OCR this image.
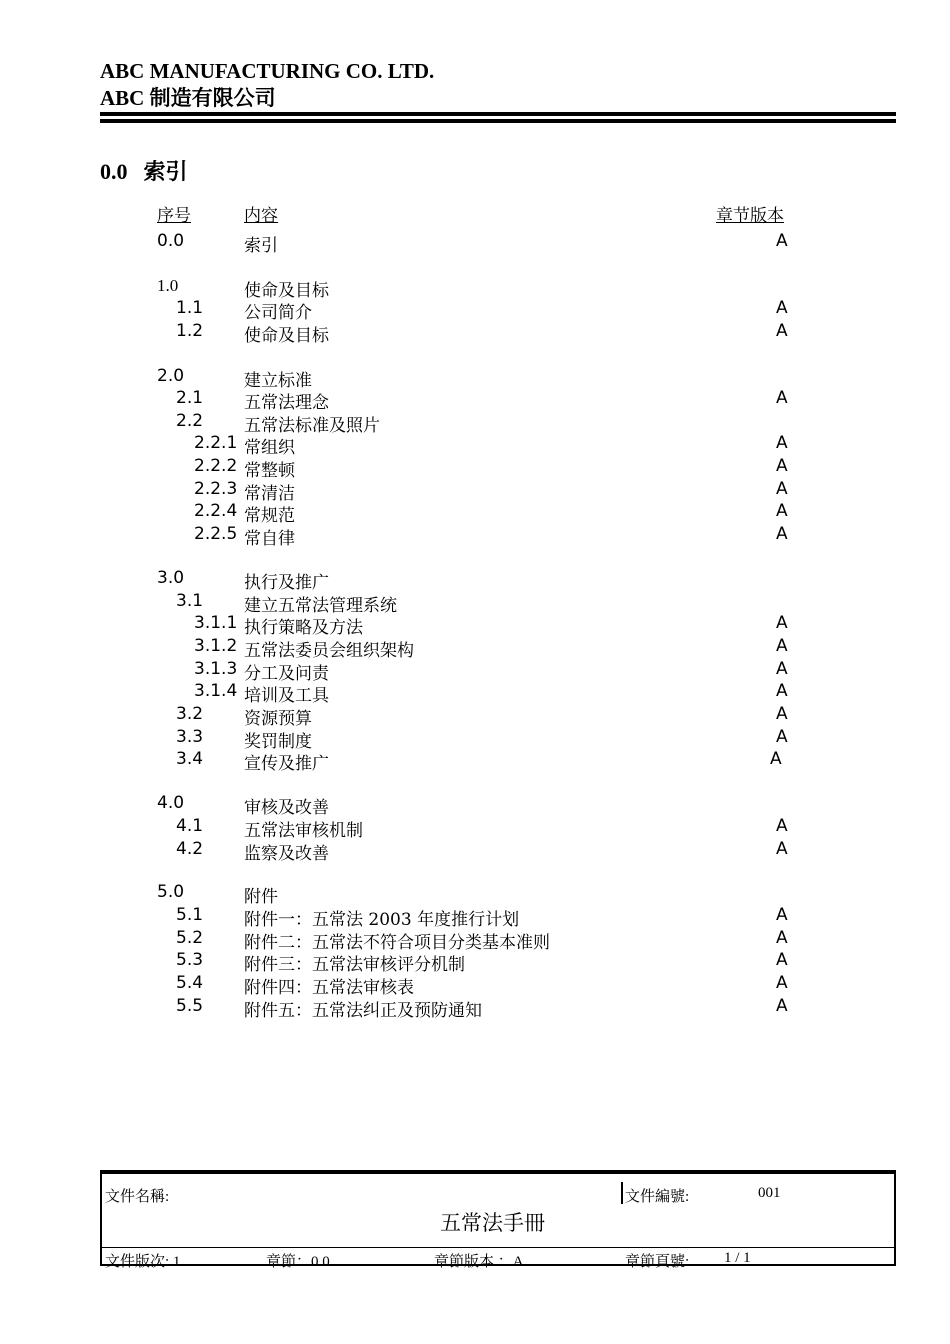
ABC MANUFACTURING CO. LTD.
ABC 制造有限公司
0.0 索引
序号	内容	章节版本
0.0	索引	A
1.0	使命及目标
1.1 公司简介	A
1.2 使命及目标	A
2.0	建立标准
2.1 五常法理念	A
2.2 五常法标准及照片
2.2.1 常组织	A
2.2.2 常整顿	A
2.2.3 常清洁	A
2.2.4 常规范	A
2.2.5 常自律	A
3.0	执行及推广
3.1 建立五常法管理系统
3.1.1 执行策略及方法	A
3.1.2 五常法委员会组织架构	A
3.1.3 分工及问责	A
3.1.4 培训及工具	A
3.2 资源预算	A
3.3 奖罚制度	A
3.4 宣传及推广	A
4.0	审核及改善
4.1 五常法审核机制	A
4.2 监察及改善	A
5.0	附件
5.1 附件一：五常法 2003 年度推行计划	A
5.2 附件二：五常法不符合项目分类基本准则	A
5.3 附件三：五常法审核评分机制	A
5.4 附件四：五常法审核表	A
5.5 附件五：五常法纠正及预防通知	A
文件名稱:
五常法手冊
文件編號:	001
文件版次: 1	章節：0.0	章節版本 ：A	章節頁號: 1 / 1
